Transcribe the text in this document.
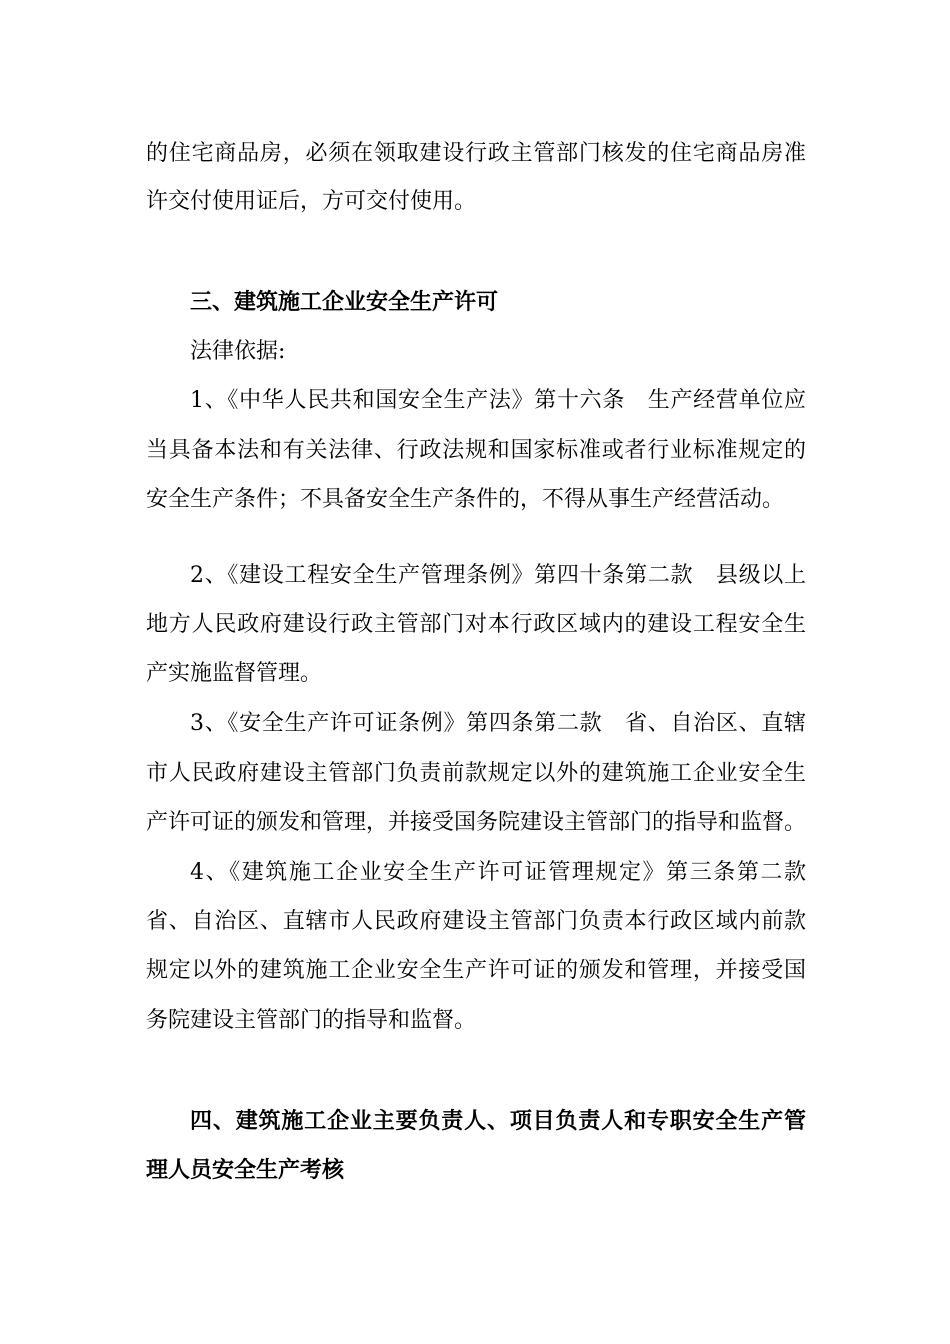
的住宅商品房，必须在领取建设行政主管部门核发的住宅商品房准
许交付使用证后，方可交付使用。
三、建筑施工企业安全生产许可
法律依据:
1、《中华人民共和国安全生产法》第十六条　生产经营单位应
当具备本法和有关法律、行政法规和国家标准或者行业标准规定的
安全生产条件；不具备安全生产条件的，不得从事生产经营活动。
2、《建设工程安全生产管理条例》第四十条第二款　县级以上
地方人民政府建设行政主管部门对本行政区域内的建设工程安全生
产实施监督管理。
3、《安全生产许可证条例》第四条第二款　省、自治区、直辖
市人民政府建设主管部门负责前款规定以外的建筑施工企业安全生
产许可证的颁发和管理，并接受国务院建设主管部门的指导和监督。
4、《建筑施工企业安全生产许可证管理规定》第三条第二款
省、自治区、直辖市人民政府建设主管部门负责本行政区域内前款
规定以外的建筑施工企业安全生产许可证的颁发和管理，并接受国
务院建设主管部门的指导和监督。
四、建筑施工企业主要负责人、项目负责人和专职安全生产管
理人员安全生产考核
